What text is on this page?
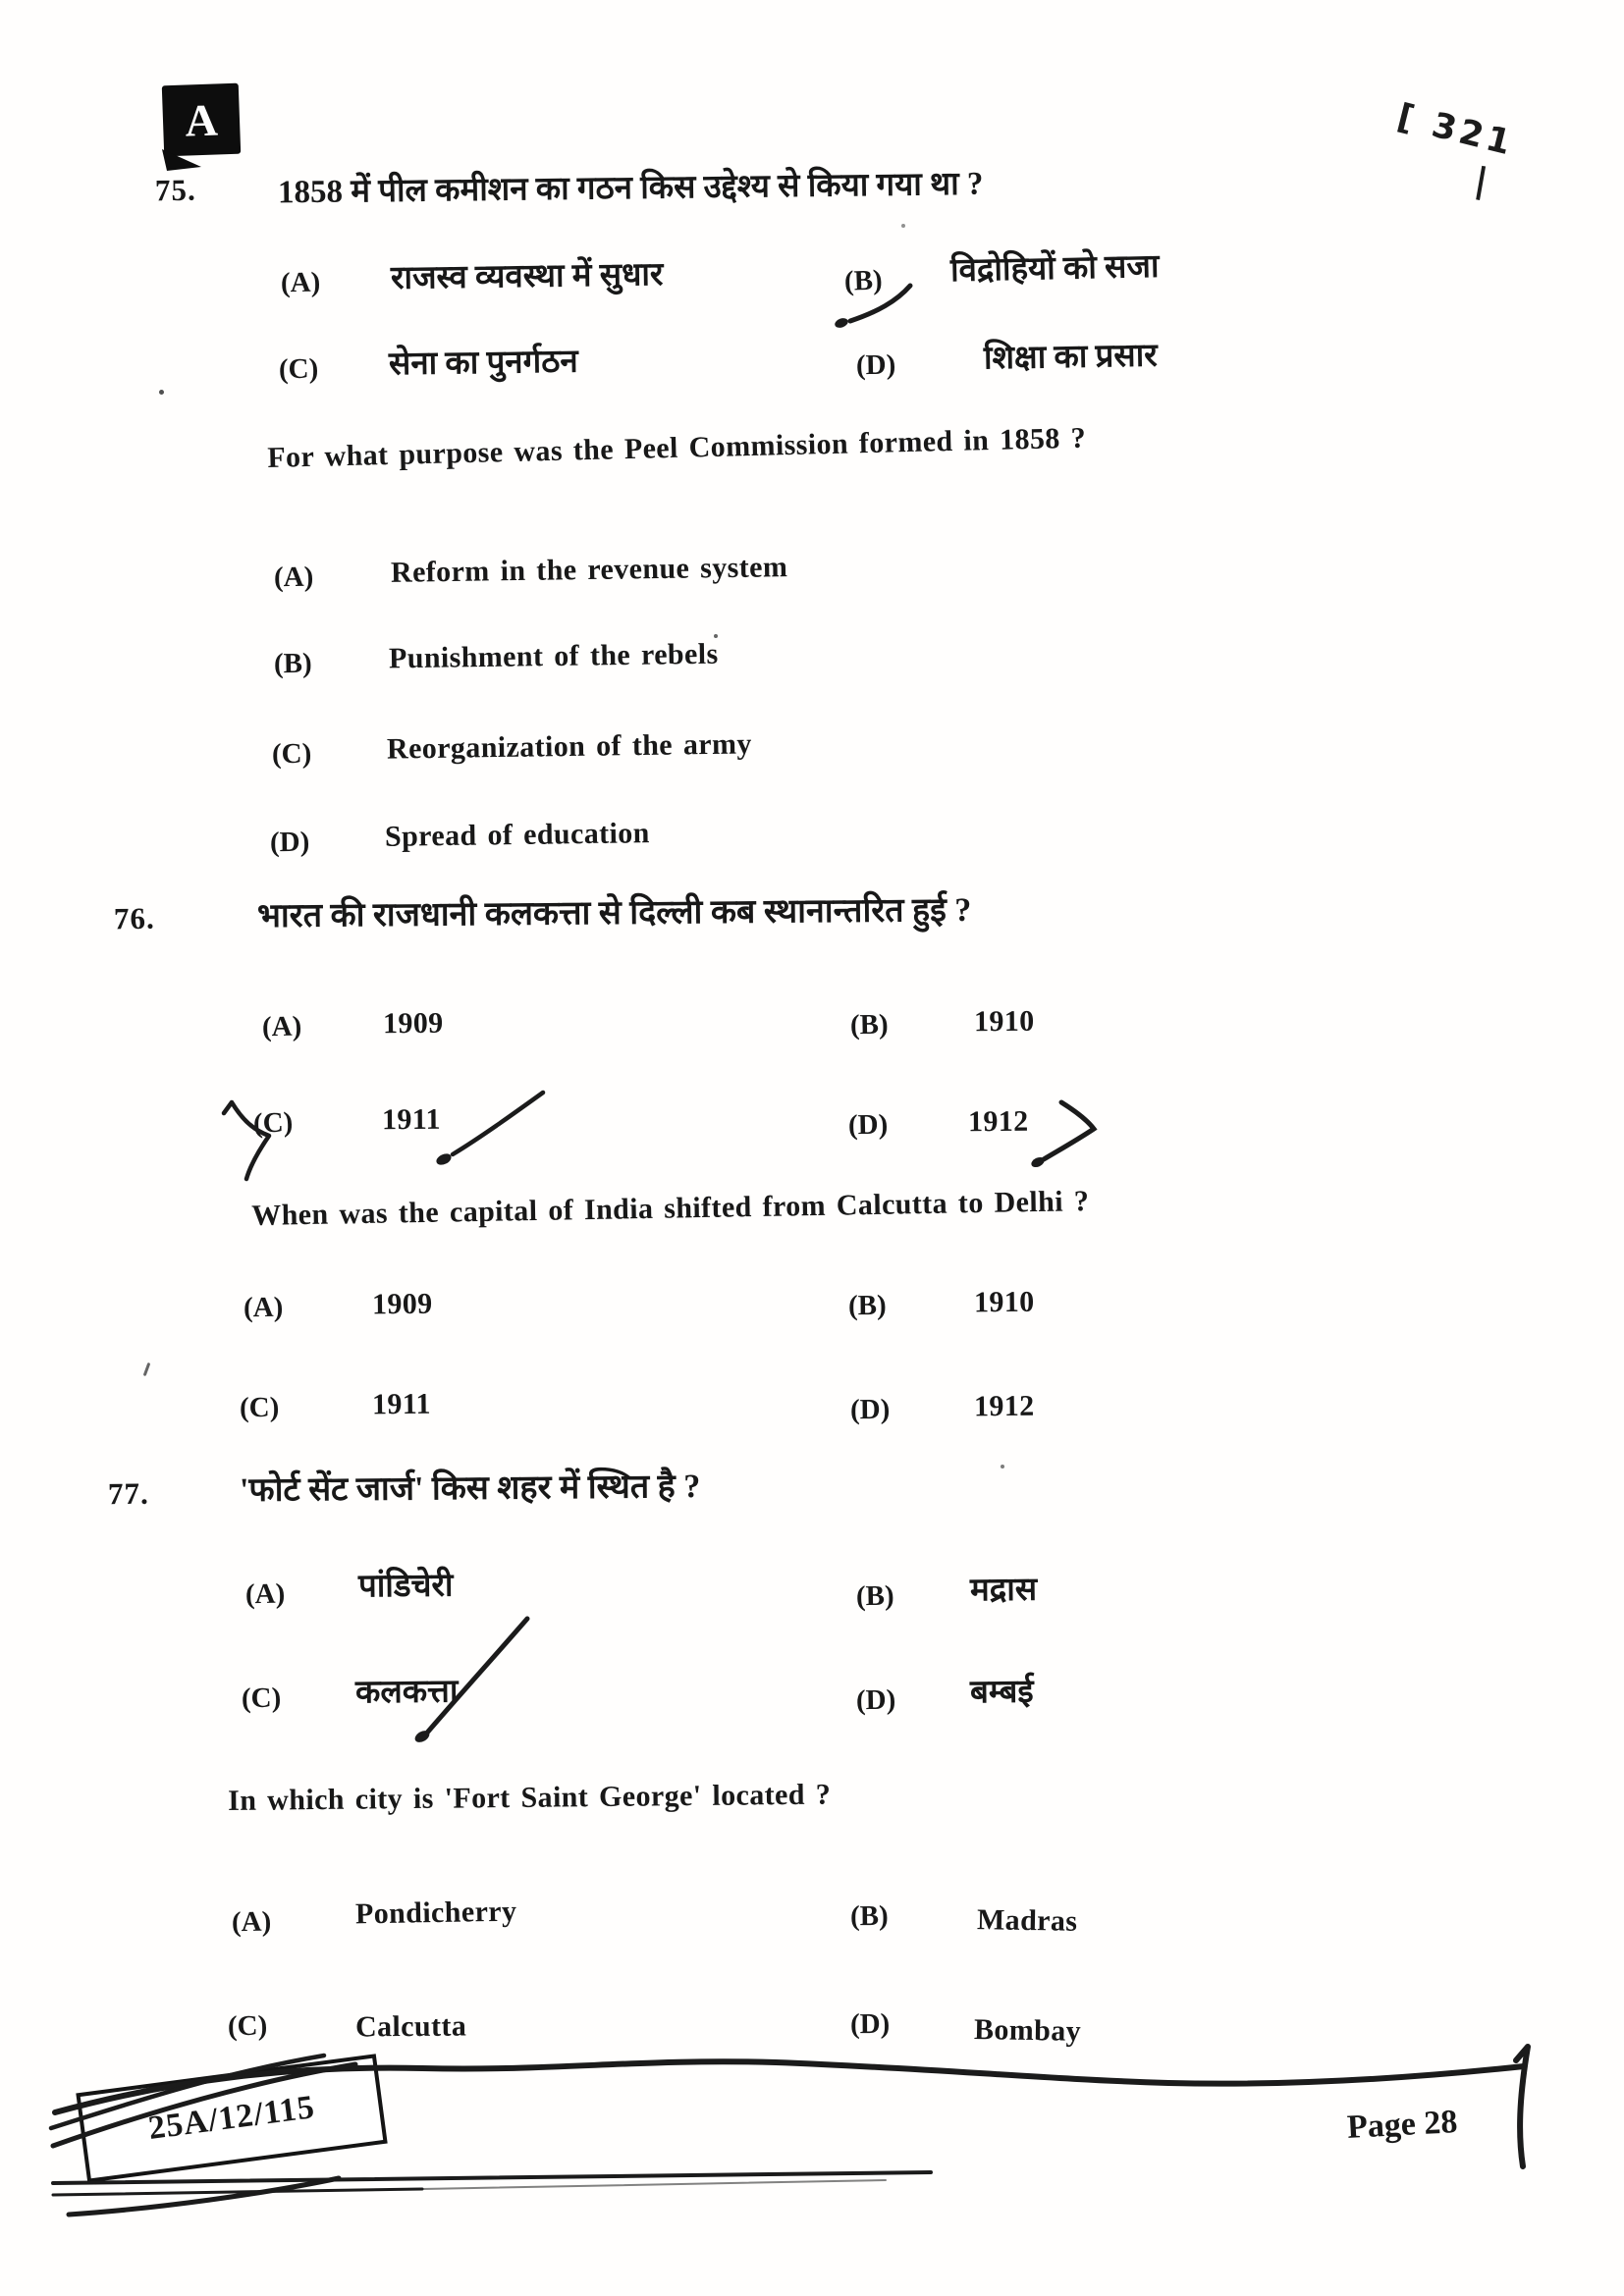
A	[ 321
|
75.	1858 में पील कमीशन का गठन किस उद्देश्य से किया गया था ?
(A) राजस्व व्यवस्था में सुधार	(B) विद्रोहियों को सजा
(C) सेना का पुनर्गठन	(D)	शिक्षा का प्रसार
For what purpose was the Peel Commission formed in 1858 ?
(A)	Reform in the revenue system
(B)	Punishment of the rebels
(C)	Reorganization of the army
(D)	Spread of education
76.	भारत की राजधानी कलकत्ता से दिल्ली कब स्थानान्तरित हुई ?
(A)	1909	(B)	1910
(C)	1911	(D)	1912
When was the capital of India shifted from Calcutta to Delhi ?
(A)	1909	(B)	1910
(C)	1911	(D)	1912
77.	'फोर्ट सेंट जार्ज' किस शहर में स्थित है ?
(A) पांडिचेरी	(B) मद्रास
(C) कलकत्ता	(D) बम्बई
In which city is 'Fort Saint George' located ?
(A)	Pondicherry	(B)	Madras
(C)	Calcutta	(D)	Bombay
25A/12/115	Page 28
